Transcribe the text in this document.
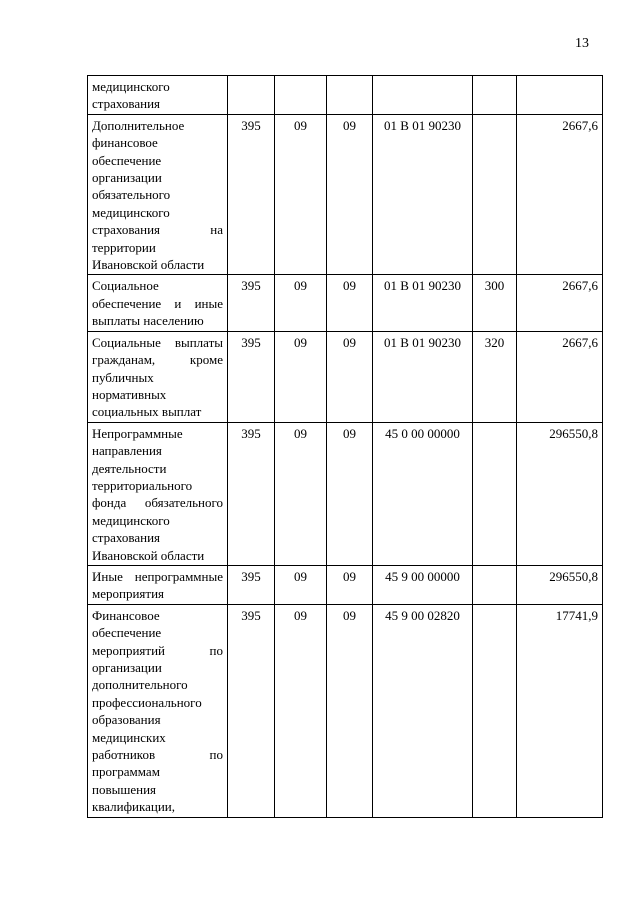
13
медицинского страхования						
Дополнительное финансовое обеспечение организации обязательного медицинского страхования на территории Ивановской области	395	09	09	01 В 01 90230		2667,6
Социальное обеспечение и иные выплаты населению	395	09	09	01 В 01 90230	300	2667,6
Социальные выплаты гражданам, кроме публичных нормативных социальных выплат	395	09	09	01 В 01 90230	320	2667,6
Непрограммные направления деятельности территориального фонда обязательного медицинского страхования Ивановской области	395	09	09	45 0 00 00000		296550,8
Иные непрограммные мероприятия	395	09	09	45 9 00 00000		296550,8
Финансовое обеспечение мероприятий по организации дополнительного профессионального образования медицинских работников по программам повышения квалификации,	395	09	09	45 9 00 02820		17741,9
